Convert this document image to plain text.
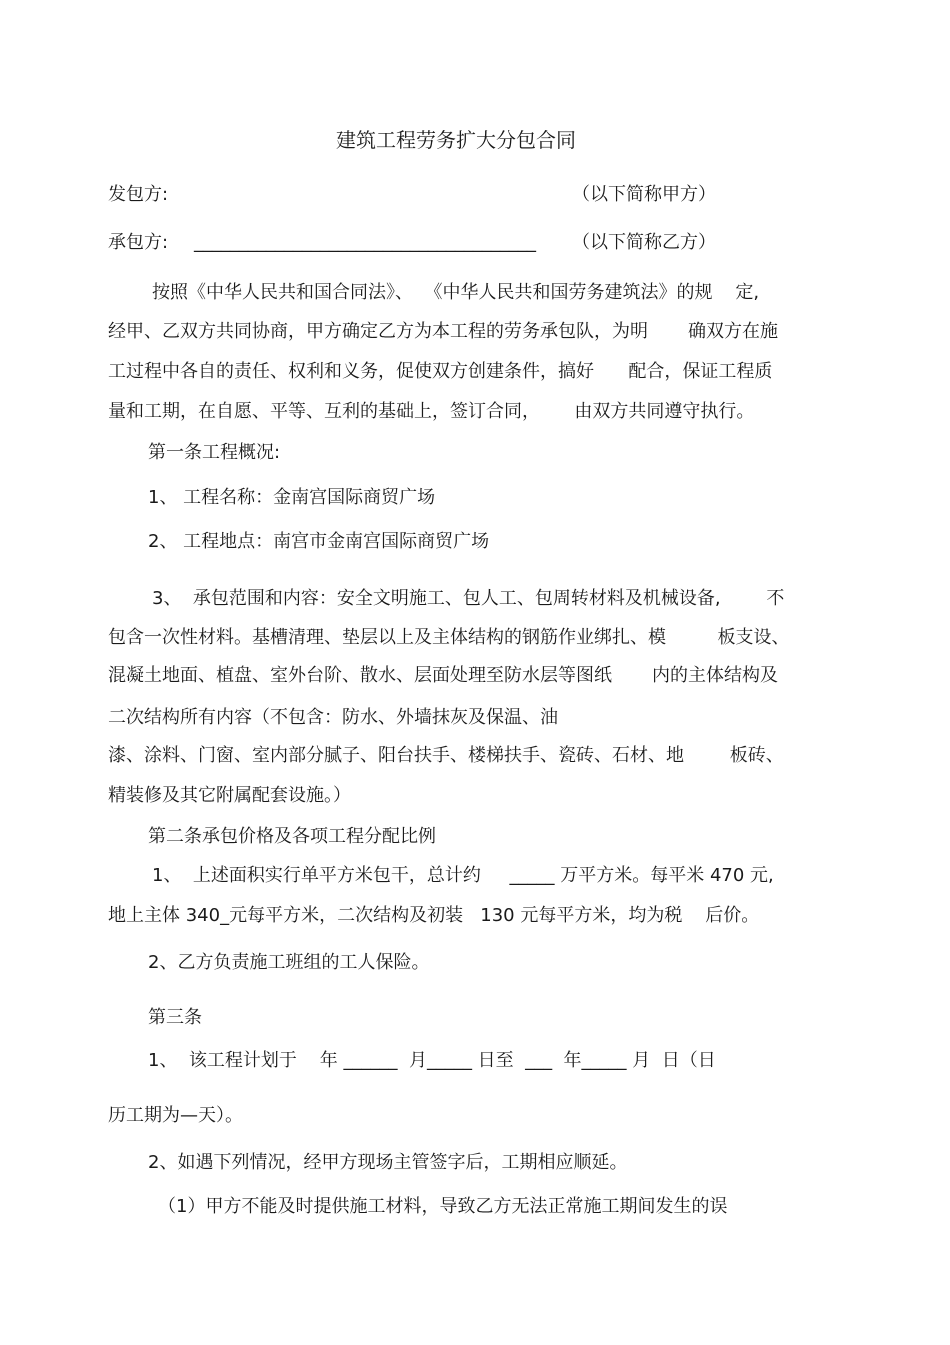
建筑工程劳务扩大分包合同

发包方:	（以下简称甲方）

承包方: ______________________________________ （以下简称乙方）

按照《中华人民共和国合同法》、  《中华人民共和国劳务建筑法》的规    定,

经甲、乙双方共同协商，甲方确定乙方为本工程的劳务承包队，为明       确双方在施

工过程中各自的责任、权利和义务，促使双方创建条件，搞好      配合，保证工程质

量和工期，在自愿、平等、互利的基础上，签订合同，      由双方共同遵守执行。

第一条工程概况:

1、 工程名称：金南宫国际商贸广场

2、 工程地点：南宫市金南宫国际商贸广场

3、  承包范围和内容：安全文明施工、包人工、包周转材料及机械设备,        不

包含一次性材料。基槽清理、垫层以上及主体结构的钢筋作业绑扎、模         板支设、

混凝土地面、植盘、室外台阶、散水、层面处理至防水层等图纸       内的主体结构及

二次结构所有内容（不包含：防水、外墙抹灰及保温、油

漆、涂料、门窗、室内部分腻子、阳台扶手、楼梯扶手、瓷砖、石材、地        板砖、

精装修及其它附属配套设施。）

第二条承包价格及各项工程分配比例

1、  上述面积实行单平方米包干，总计约     _____ 万平方米。每平米 470 元,

地上主体 340_元每平方米，二次结构及初装   130 元每平方米，均为税    后价。

2、乙方负责施工班组的工人保险。

第三条

1、  该工程计划于    年 ______  月_____ 日至  ___  年_____ 月  日（日

历工期为—天）。

2、如遇下列情况，经甲方现场主管签字后，工期相应顺延。

（1）甲方不能及时提供施工材料，导致乙方无法正常施工期间发生的误
